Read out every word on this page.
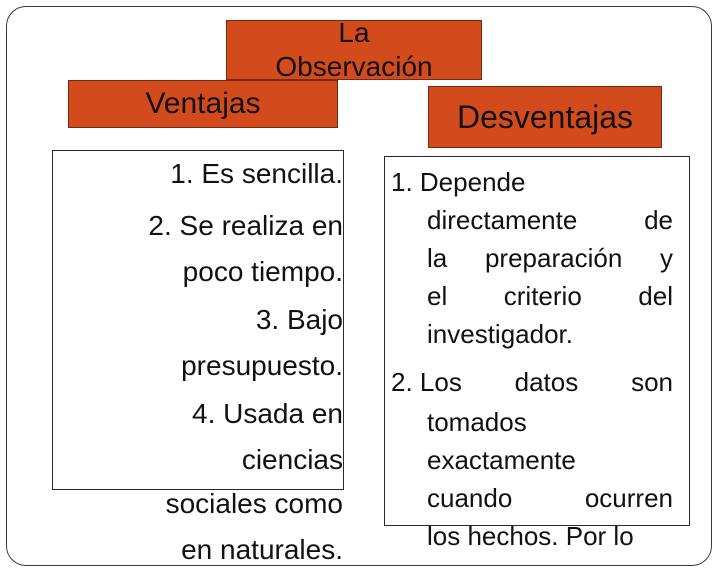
Ventajas
La
Observación
Desventajas
1. Es sencilla.
2. Se realiza en
poco tiempo.
3. Bajo
presupuesto.
4. Usada en
ciencias
sociales como
en naturales.
1. Depende
directamente	de
la preparación y
el criterio del
investigador.
2. Los datos son
tomados
exactamente
cuando	ocurren
los hechos. Por lo
